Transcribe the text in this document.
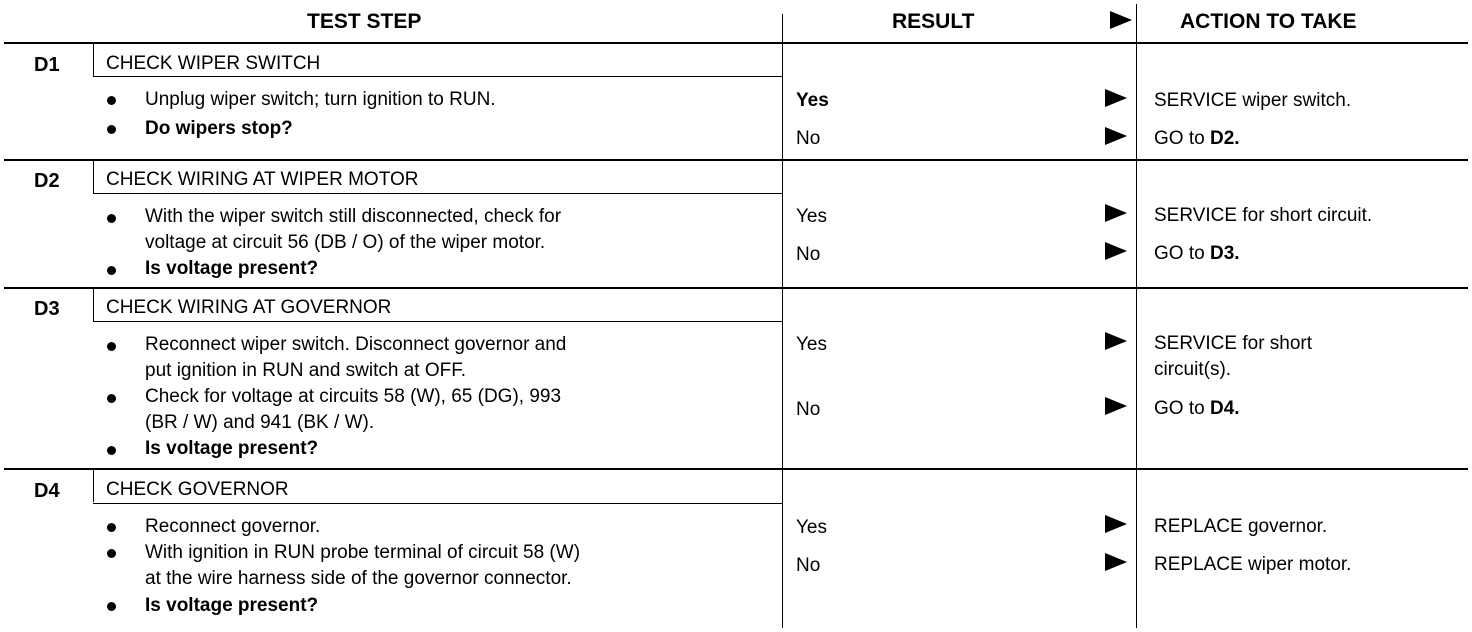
TEST STEP	RESULT	ACTION TO TAKE
D1 CHECK WIPER SWITCH
Unplug wiper switch; turn ignition to RUN.
Do wipers stop?
Yes	SERVICE wiper switch.
No	GO to D2.
D2 CHECK WIRING AT WIPER MOTOR
With the wiper switch still disconnected, check for
voltage at circuit 56 (DB / O) of the wiper motor.
Is voltage present?
Yes	SERVICE for short circuit.
No	GO to D3.
D3 CHECK WIRING AT GOVERNOR
Reconnect wiper switch. Disconnect governor and
put ignition in RUN and switch at OFF.
Check for voltage at circuits 58 (W), 65 (DG), 993
(BR / W) and 941 (BK / W).
Is voltage present?
Yes	SERVICE for short
circuit(s).
No	GO to D4.
D4 CHECK GOVERNOR
Reconnect governor.
With ignition in RUN probe terminal of circuit 58 (W)
at the wire harness side of the governor connector.
Is voltage present?
Yes	REPLACE governor.
No	REPLACE wiper motor.
